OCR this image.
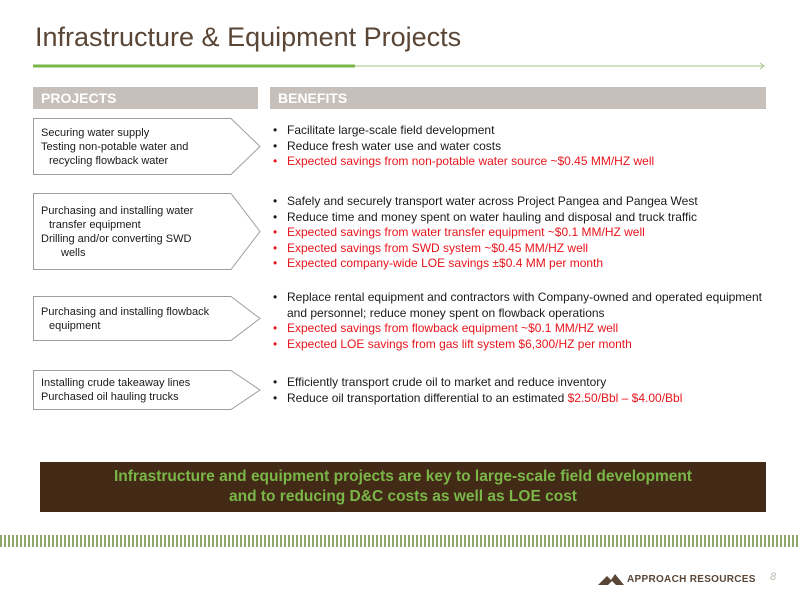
Infrastructure & Equipment Projects
PROJECTS	BENEFITS
Securing water supply
Testing non-potable water and
recycling flowback water
• Facilitate large-scale field development
• Reduce fresh water use and water costs
• Expected savings from non-potable water source ~$0.45 MM/HZ well
Purchasing and installing water
transfer equipment
Drilling and/or converting SWD
wells
• Safely and securely transport water across Project Pangea and Pangea West
• Reduce time and money spent on water hauling and disposal and truck traffic
• Expected savings from water transfer equipment ~$0.1 MM/HZ well
• Expected savings from SWD system ~$0.45 MM/HZ well
• Expected company-wide LOE savings ±$0.4 MM per month
Purchasing and installing flowback
equipment
• Replace rental equipment and contractors with Company-owned and operated equipment and personnel; reduce money spent on flowback operations
• Expected savings from flowback equipment ~$0.1 MM/HZ well
• Expected LOE savings from gas lift system $6,300/HZ per month
Installing crude takeaway lines
Purchased oil hauling trucks
• Efficiently transport crude oil to market and reduce inventory
• Reduce oil transportation differential to an estimated $2.50/Bbl – $4.00/Bbl
Infrastructure and equipment projects are key to large-scale field development
and to reducing D&C costs as well as LOE cost
APPROACH RESOURCES 8
